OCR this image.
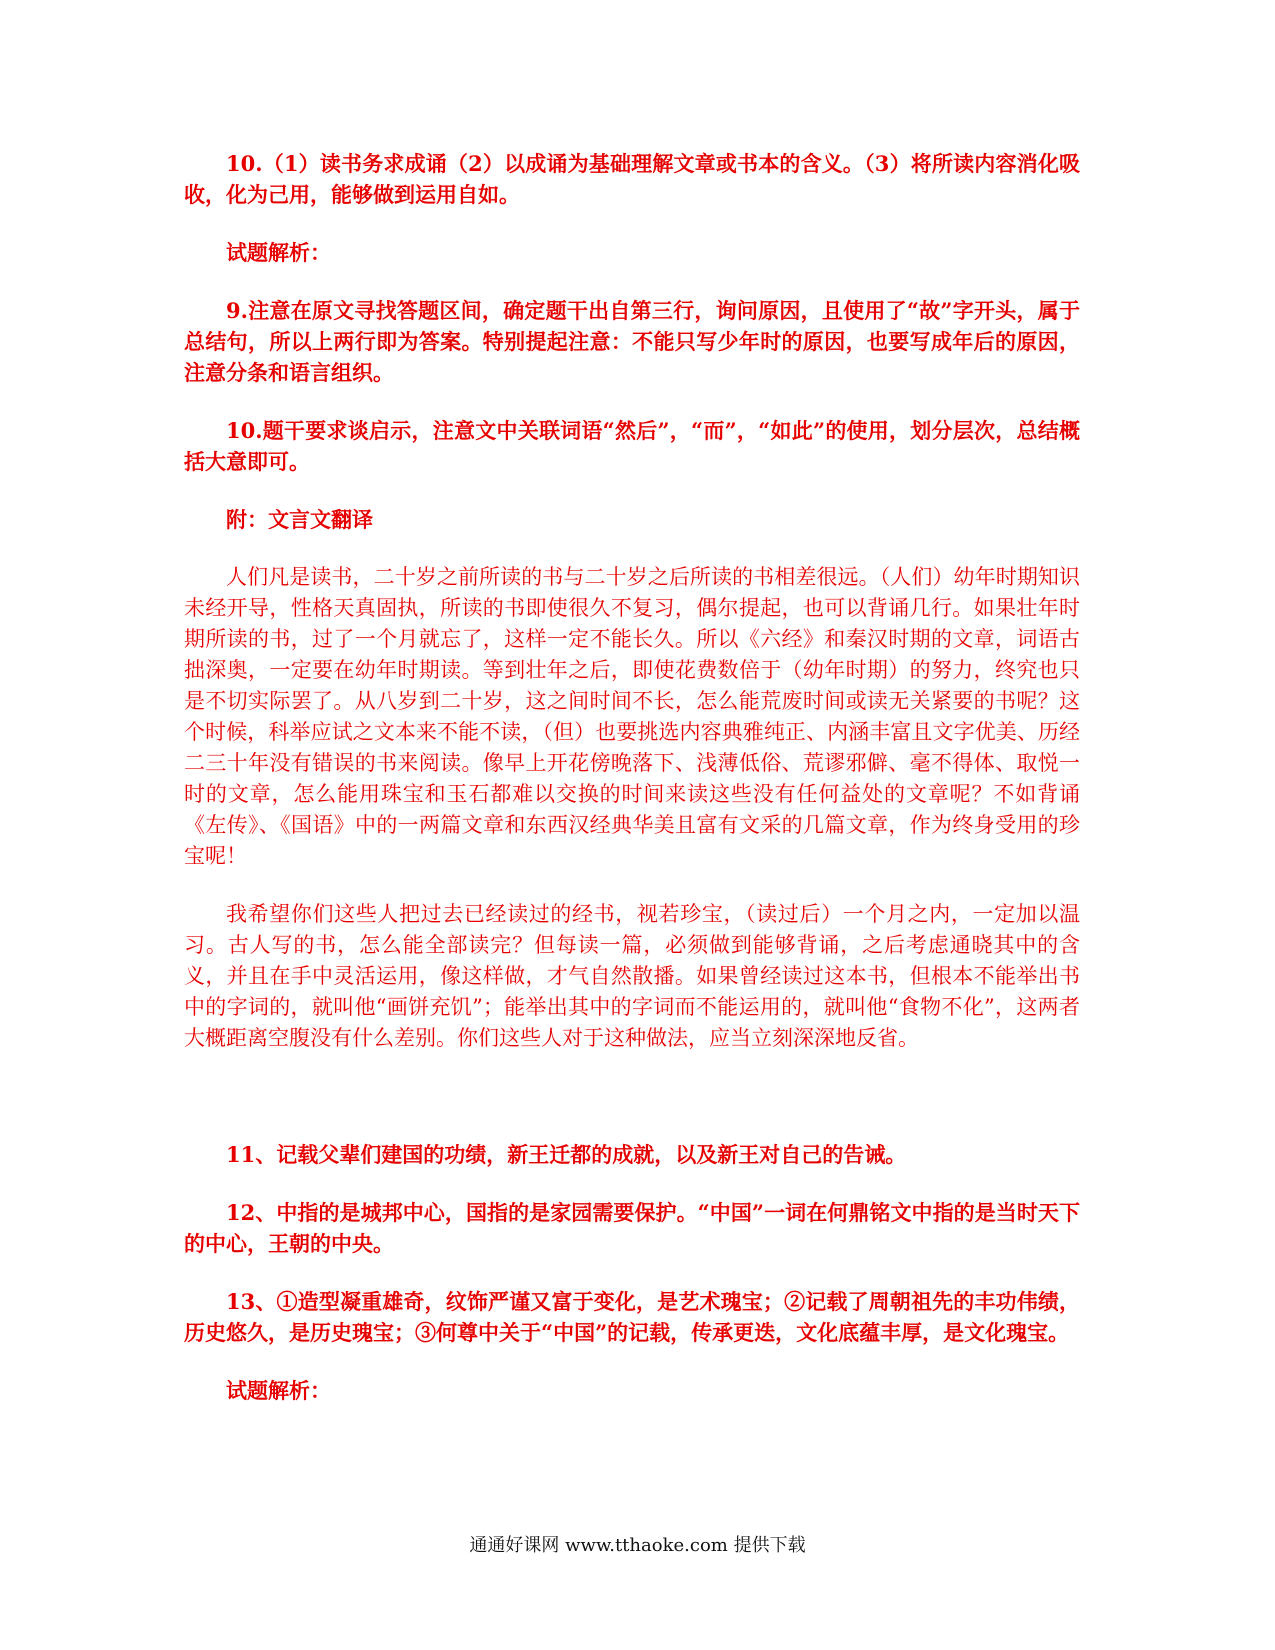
10.（1）读书务求成诵（2）以成诵为基础理解文章或书本的含义。（3）将所读内容消化吸收，化为己用，能够做到运用自如。

试题解析：

9.注意在原文寻找答题区间，确定题干出自第三行，询问原因，且使用了“故”字开头，属于总结句，所以上两行即为答案。特别提起注意：不能只写少年时的原因，也要写成年后的原因，注意分条和语言组织。

10.题干要求谈启示，注意文中关联词语“然后”，“而”，“如此”的使用，划分层次，总结概括大意即可。

附：文言文翻译

人们凡是读书，二十岁之前所读的书与二十岁之后所读的书相差很远。（人们）幼年时期知识未经开导，性格天真固执，所读的书即使很久不复习，偶尔提起，也可以背诵几行。如果壮年时期所读的书，过了一个月就忘了，这样一定不能长久。所以《六经》和秦汉时期的文章，词语古拙深奥，一定要在幼年时期读。等到壮年之后，即使花费数倍于（幼年时期）的努力，终究也只是不切实际罢了。从八岁到二十岁，这之间时间不长，怎么能荒废时间或读无关紧要的书呢？这个时候，科举应试之文本来不能不读，（但）也要挑选内容典雅纯正、内涵丰富且文字优美、历经二三十年没有错误的书来阅读。像早上开花傍晚落下、浅薄低俗、荒谬邪僻、毫不得体、取悦一时的文章，怎么能用珠宝和玉石都难以交换的时间来读这些没有任何益处的文章呢？不如背诵《左传》、《国语》中的一两篇文章和东西汉经典华美且富有文采的几篇文章，作为终身受用的珍宝呢！

我希望你们这些人把过去已经读过的经书，视若珍宝，（读过后）一个月之内，一定加以温习。古人写的书，怎么能全部读完？但每读一篇，必须做到能够背诵，之后考虑通晓其中的含义，并且在手中灵活运用，像这样做，才气自然散播。如果曾经读过这本书，但根本不能举出书中的字词的，就叫他“画饼充饥”；能举出其中的字词而不能运用的，就叫他“食物不化”，这两者大概距离空腹没有什么差别。你们这些人对于这种做法，应当立刻深深地反省。

11、记载父辈们建国的功绩，新王迁都的成就，以及新王对自己的告诫。

12、中指的是城邦中心，国指的是家园需要保护。“中国”一词在何鼎铭文中指的是当时天下的中心，王朝的中央。

13、①造型凝重雄奇，纹饰严谨又富于变化，是艺术瑰宝；②记载了周朝祖先的丰功伟绩，历史悠久，是历史瑰宝；③何尊中关于“中国”的记载，传承更迭，文化底蕴丰厚，是文化瑰宝。

试题解析：

通通好课网 www.tthaoke.com 提供下载
